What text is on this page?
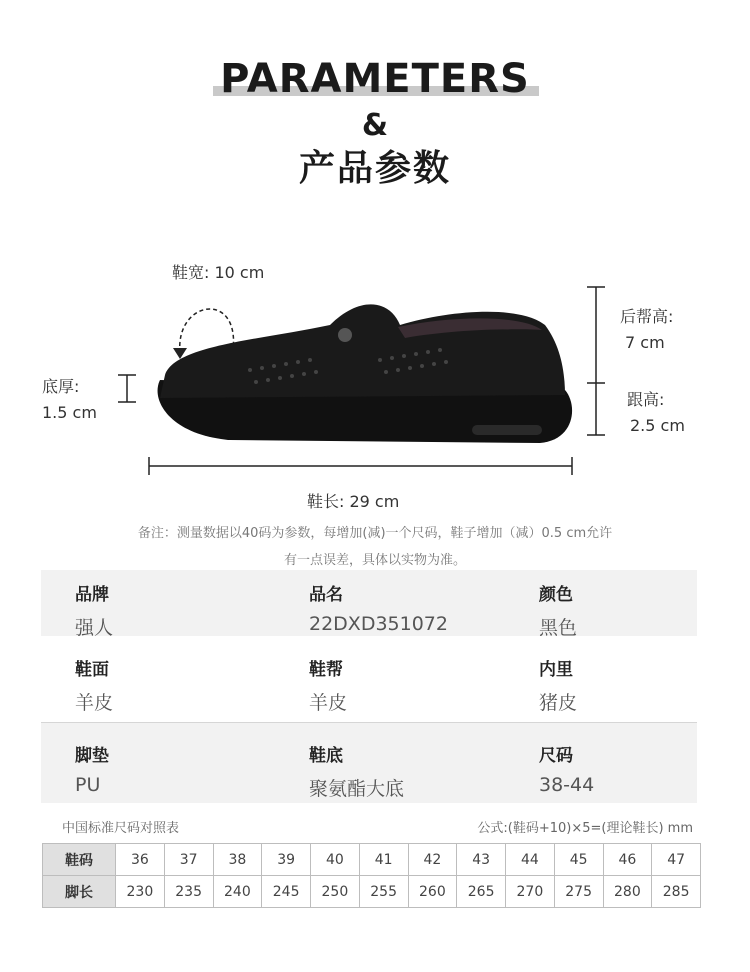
PARAMETERS
&
产品参数
鞋宽: 10 cm
底厚:
1.5 cm
后帮高:
7 cm
跟高:
2.5 cm
鞋长: 29 cm
备注：测量数据以40码为参数，每增加(减)一个尺码，鞋子增加（减）0.5 cm允许
有一点误差，具体以实物为准。
品牌
强人
品名
22DXD351072
颜色
黑色
鞋面
羊皮
鞋帮
羊皮
内里
猪皮
脚垫
PU
鞋底
聚氨酯大底
尺码
38-44
中国标准尺码对照表	公式:(鞋码+10)×5=(理论鞋长) mm
鞋码	36	37	38	39	40	41	42	43	44	45	46	47
脚长	230	235	240	245	250	255	260	265	270	275	280	285
